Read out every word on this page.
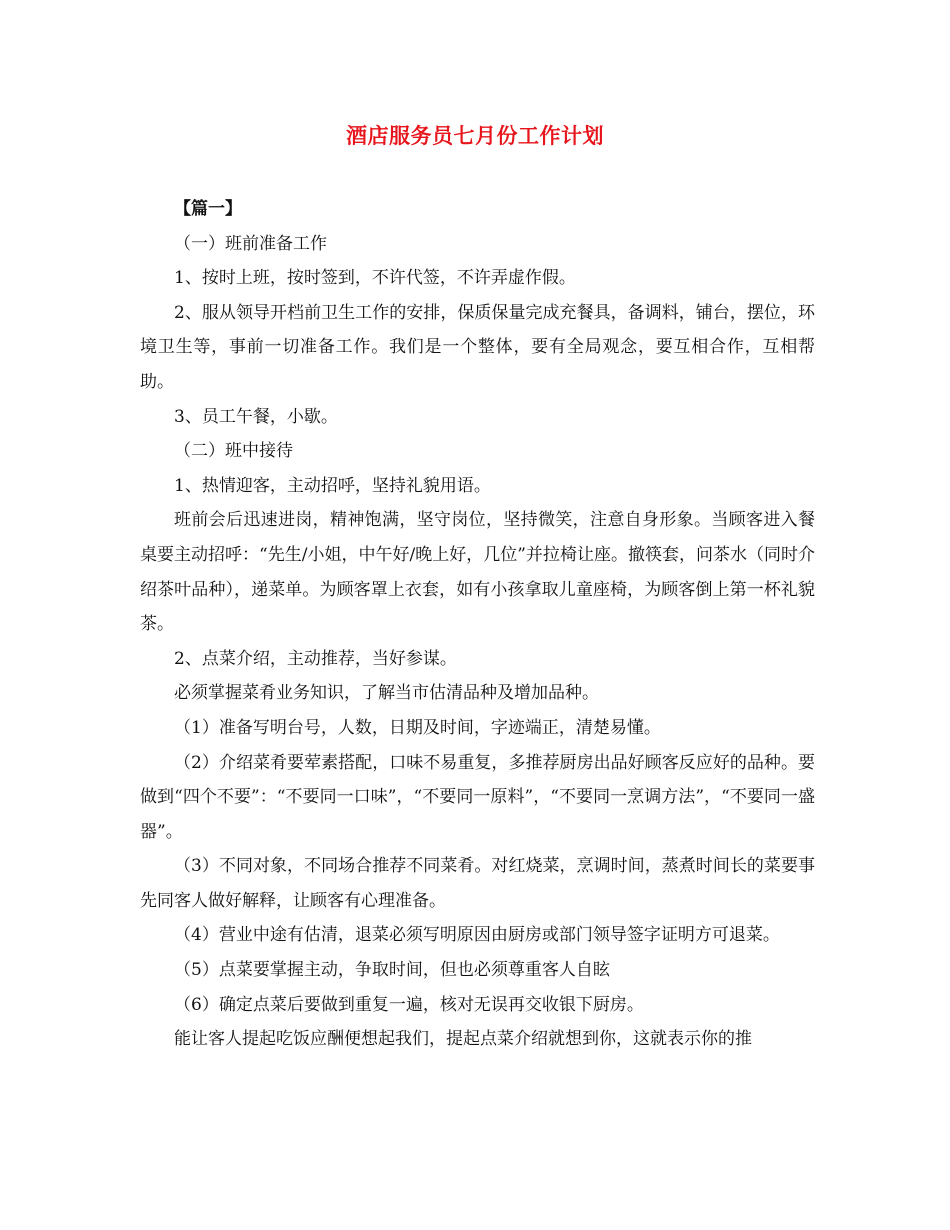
酒店服务员七月份工作计划

【篇一】

（一）班前准备工作

1、按时上班，按时签到，不许代签，不许弄虚作假。

2、服从领导开档前卫生工作的安排，保质保量完成充餐具，备调料，铺台，摆位，环境卫生等，事前一切准备工作。我们是一个整体，要有全局观念，要互相合作，互相帮助。

3、员工午餐，小歇。

（二）班中接待

1、热情迎客，主动招呼，坚持礼貌用语。

班前会后迅速进岗，精神饱满，坚守岗位，坚持微笑，注意自身形象。当顾客进入餐桌要主动招呼：“先生/小姐，中午好/晚上好，几位”并拉椅让座。撤筷套，问茶水（同时介绍茶叶品种），递菜单。为顾客罩上衣套，如有小孩拿取儿童座椅，为顾客倒上第一杯礼貌茶。

2、点菜介绍，主动推荐，当好参谋。

必须掌握菜肴业务知识，了解当市估清品种及增加品种。

（1）准备写明台号，人数，日期及时间，字迹端正，清楚易懂。

（2）介绍菜肴要荤素搭配，口味不易重复，多推荐厨房出品好顾客反应好的品种。要做到“四个不要”：“不要同一口味”，“不要同一原料”，“不要同一烹调方法”，“不要同一盛器”。

（3）不同对象，不同场合推荐不同菜肴。对红烧菜，烹调时间，蒸煮时间长的菜要事先同客人做好解释，让顾客有心理准备。

（4）营业中途有估清，退菜必须写明原因由厨房或部门领导签字证明方可退菜。

（5）点菜要掌握主动，争取时间，但也必须尊重客人自眩

（6）确定点菜后要做到重复一遍，核对无误再交收银下厨房。

能让客人提起吃饭应酬便想起我们，提起点菜介绍就想到你，这就表示你的推
